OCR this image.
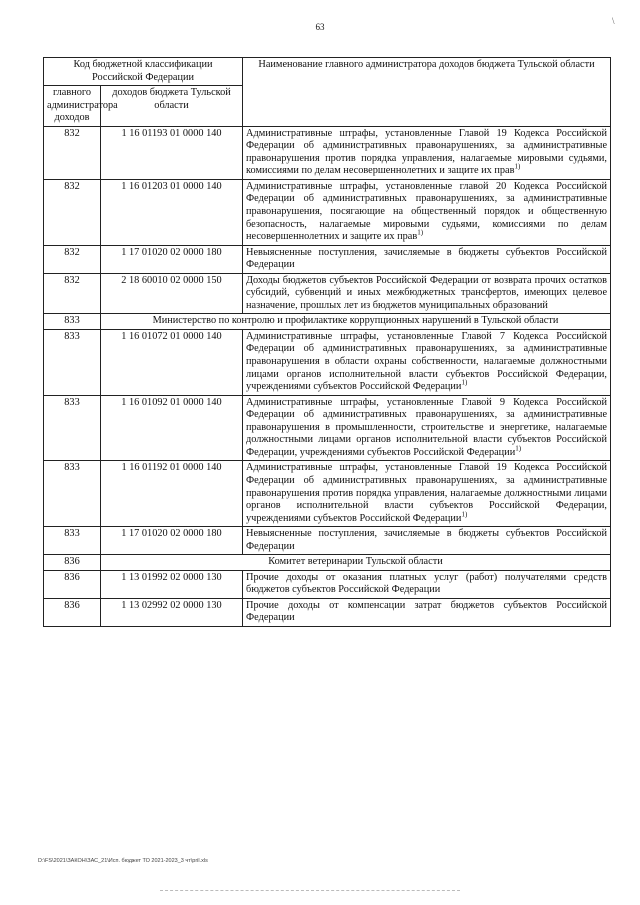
63
\
Код бюджетной классификации Российской Федерации		Наименование главного администратора доходов бюджета Тульской области
главного администратора доходов	доходов бюджета Тульской области	
832	1 16 01193 01 0000 140	Административные штрафы, установленные Главой 19 Кодекса Российской Федерации об административных правонарушениях, за административные правонарушения против порядка управления, налагаемые мировыми судьями, комиссиями по делам несовершеннолетних и защите их прав$^{1)}$
832	1 16 01203 01 0000 140	Административные штрафы, установленные главой 20 Кодекса Российской Федерации об административных правонарушениях, за административные правонарушения, посягающие на общественный порядок и общественную безопасность, налагаемые мировыми судьями, комиссиями по делам несовершеннолетних и защите их прав$^{1)}$
832	1 17 01020 02 0000 180	Невыясненные поступления, зачисляемые в бюджеты субъектов Российской Федерации
832	2 18 60010 02 0000 150	Доходы бюджетов субъектов Российской Федерации от возврата прочих остатков субсидий, субвенций и иных межбюджетных трансфертов, имеющих целевое назначение, прошлых лет из бюджетов муниципальных образований
833	Министерство по контролю и профилактике коррупционных нарушений в Тульской области	
833	1 16 01072 01 0000 140	Административные штрафы, установленные Главой 7 Кодекса Российской Федерации об административных правонарушениях, за административные правонарушения в области охраны собственности, налагаемые должностными лицами органов исполнительной власти субъектов Российской Федерации, учреждениями субъектов Российской Федерации$^{1)}$
833	1 16 01092 01 0000 140	Административные штрафы, установленные Главой 9 Кодекса Российской Федерации об административных правонарушениях, за административные правонарушения в промышленности, строительстве и энергетике, налагаемые должностными лицами органов исполнительной власти субъектов Российской Федерации, учреждениями субъектов Российской Федерации$^{1)}$
833	1 16 01192 01 0000 140	Административные штрафы, установленные Главой 19 Кодекса Российской Федерации об административных правонарушениях, за административные правонарушения против порядка управления, налагаемые должностными лицами органов исполнительной власти субъектов Российской Федерации, учреждениями субъектов Российской Федерации$^{1)}$
833	1 17 01020 02 0000 180	Невыясненные поступления, зачисляемые в бюджеты субъектов Российской Федерации
836	Комитет ветеринарии Тульской области	
836	1 13 01992 02 0000 130	Прочие доходы от оказания платных услуг (работ) получателями средств бюджетов субъектов Российской Федерации
836	1 13 02992 02 0000 130	Прочие доходы от компенсации затрат бюджетов субъектов Российской Федерации
D:\FS\2021\ЗАКОН\ЗАС_21\Исп. бюджет ТО 2021-2023_3 чт\pril.xls
